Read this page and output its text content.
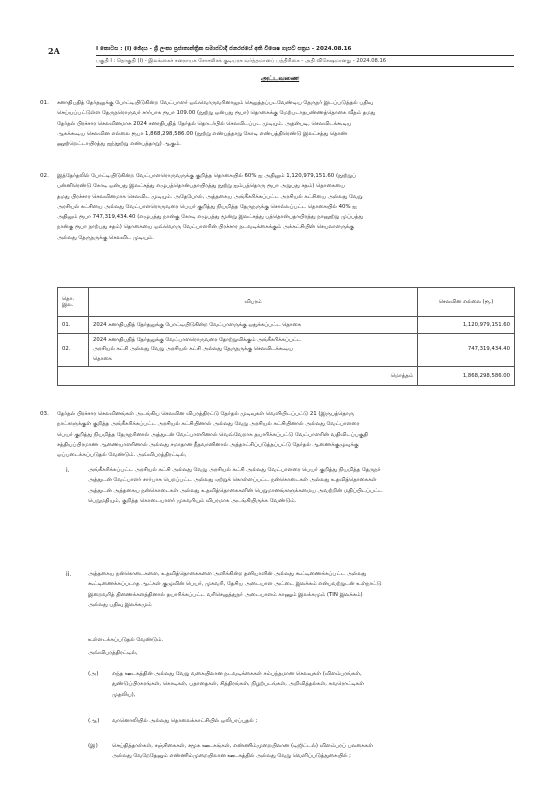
2A	I කොටස : (I) ඡේදය - ශ්‍රී ලංකා ප්‍රජාතාන්ත්‍රික සමාජවාදී ජනරජයේ අති විශෙෂ ගැසට් පත්‍රය - 2024.08.16
பகுதி I : தொகுதி (I) - இலங்கைச் சனநாயக சோசலிசக் குடியரசு வர்த்தமானப் பத்திரிகை - அதி விசேஷமானது - 2024.08.16
அட்டவணை
01. சனாதிபதித் தேர்தலுக்கு போட்டியிடுகின்ற வேட்பாளர் ஒவ்வொருவரினாலும் செலுத்தப்படவேண்டிய தேருநர் இடப்படுத்தல் பதிவு
செய்யப்பட்டுள்ள தேருநரொருவர் சார்பாக ரூபா 109.00 (நூற்று ஒன்பது ரூபா) தொகைக்கு மேற்படாதபண்ணத்தொகை வீதம் தமது
தேர்தல் பிரச்சார செலவினமாக 2024 சனாதிபதித் தேர்தல் தொடர்பில் செலவிடப்பட முடியும். அதன்படி, செலவிடக்கூடிய
ஆகக்கூடிய செலவின எல்லை ரூபா 1,868,298,586.00 (நூற்று எண்பத்தாறு கோடி எண்பத்திரெண்டு இலட்சத்து தொண்
ணூற்றெட்டாயிரத்து ஐந்நூற்று எண்பத்தாறு) ஆகும்.
02. இத்தேர்தலில் போட்டியிடுகின்ற வேட்பாளரொருவருக்கு குறித்த தொகையில் 60% ஐ அதிலும் 1,120,979,151.60 (நூற்றுப்
பன்னிரெண்டு கோடி ஒன்பது இலட்சத்து எழுபத்தொன்பதாயிரத்து நூற்று ஐம்பத்தொரு ரூபா அறுபது சதம்) தொகையை
தமது பிரச்சார செலவினமாக செலவிட முடியும். அதேபோல், அத்தகைய அங்கீகரிக்கப்பட்ட அரசியல் கட்சியை அல்லது வேறு
அரசியல் கட்சியை அல்லது வேட்பாளரொருவரை பெயர் குறித்து நியமித்த தேருநருக்கு சொல்லப்பட்ட தொகையில் 40% ஐ
அதிலும் ரூபா 747,319,434.40 (எழுபத்து நான்கு கோடி எழுபத்து மூன்று இலட்சத்து பத்தொன்பதாயிரத்து நானூற்று முப்பத்து
நான்கு ரூபா நாற்பது சதம்) தொகையை ஒவ்வொரு வேட்பாளரின் பிரச்சார நடவடிக்கைக்கும் அக்கட்சியின் செயலாளருக்கு
அல்லது தேருநருக்கு செலவிட முடியும்.
தொ. இல.	விபரம்	செலவின எல்லை (ரூ.)
01.	2024 சனாதிபதித் தேர்தலுக்கு போட்டியிடுகின்ற வேட்பாளருக்கு ஒதுக்கப்பட்ட தொகை	1,120,979,151.60
02.	2024 சனாதிபதித் தேர்தலுக்கு வேட்பாளரொருவரை தோற்றுவிக்கும் அங்கீகரிக்கப்பட்ட
அரசியல் கட்சி அல்லது வேறு அரசியல் கட்சி அல்லது தேருநருக்கு செலவிடக்கூடிய
தொகை	747,319,434.40
	மொத்தம்	1,868,298,586.00
03. தேர்தல் பிரச்சார செலவினங்கள் அடங்கிய செலவின விபரத்திரட்டு தேர்தல் முடிவுகள் வெளியிடப்பட்டு 21 (இருபத்தொரு
நாட்களுக்குள் குறித்த அங்கீகரிக்கப்பட்ட அரசியல் கட்சியினால் அல்லது வேறு அரசியல் கட்சியினால் அல்லது வேட்பாளரை
பெயர் குறித்து நியமித்த தேருநரினால் அத்துடன் வேட்பாளரினால் வெவ்வேறாக தயாரிக்கப்பட்டு வேட்பாளரின் வதிவிடப்பகுதி
சத்தியப்பிரமாண ஆணையாளரினால் அல்லது சமாதான நீதவானினால் அத்தாட்சிப்படுத்தப்பட்டு தேர்தல் ஆணைக்குழுவுக்கு
ஒப்படைக்கப்படுதல் வேண்டும். அவ்விபரத்திரட்டில்,
i.	அங்கீகரிக்கப்பட்ட அரசியல் கட்சி அல்லது வேறு அரசியல் கட்சி அல்லது வேட்பாளரை பெயர் குறித்து நியமித்த தேருநர்
அத்துடன் வேட்பாளர் சார்பாக பெறப்பட்ட அல்லது ஏற்றுக் கொள்ளப்பட்ட நன்கொடைகள் அல்லது உதவித்தொகைகள்
அத்துடன் அத்தகைய நன்கொடைகள் அல்லது உதவித்தொகைகளின் பெறுமானங்களுக்கமைய அவற்றின் மதிப்பிடப்பட்ட
பெறுமதியும், குறித்த கொடையாளர் முகவரியும் விபரமாக அடங்கியிருக்க வேண்டும்.
ii.	அத்தகைய நன்கொடைகளை, உதவித்தொகைகளை அளிக்கின்ற தனியாளின் அல்லது கூட்டிணைக்கப்பட்ட அல்லது
கூட்டிணைக்கப்படாத ஆட்கள் குழுவின் பெயர், முகவரி, தேசிய அடையாள அட்டை இலக்கம் என்பவற்றுடன் உள்நாட்டு
இறைவரித் திணைக்களத்தினால் தயாரிக்கப்பட்ட வரிசெலுத்துநர் அடையாளம் காணும் இலக்கமும் (TIN இலக்கம்)
அல்லது பதிவு இலக்கமும்
உள்ளடக்கப்படுதல் வேண்டும்.
அவ்விபரத்திரட்டில்,
(அ) எந்த ஊடகத்தின் அல்லது வேறு வகையிலான நடவடிக்கைகள் சம்பந்தமான செலவுகள் (விளம்பரங்கள்,
துண்டுப்பிரசுரங்கள், கொடிகள், பதாதைகள், சித்திரங்கள், நிழற்படங்கள், அறிவித்தல்கள், சுவரொட்டிகள்
முதலிய),
(ஆ) வானொலியில் அல்லது தொலைக்காட்சியில் ஒலிபரப்புதல் ;
(இ)	செய்தித்தாள்கள், சஞ்சிகைகள், சமூக ஊடகங்கள், எண்ணிம்முறையிலான (டிஜிட்டல்) விளம்பரப் பலகைகள்
அல்லது வேறேதேனும் எண்ணிம்முறையிலான ஊடகத்தில் அல்லது வேறு வெளிப்படுத்துகையில் ;
